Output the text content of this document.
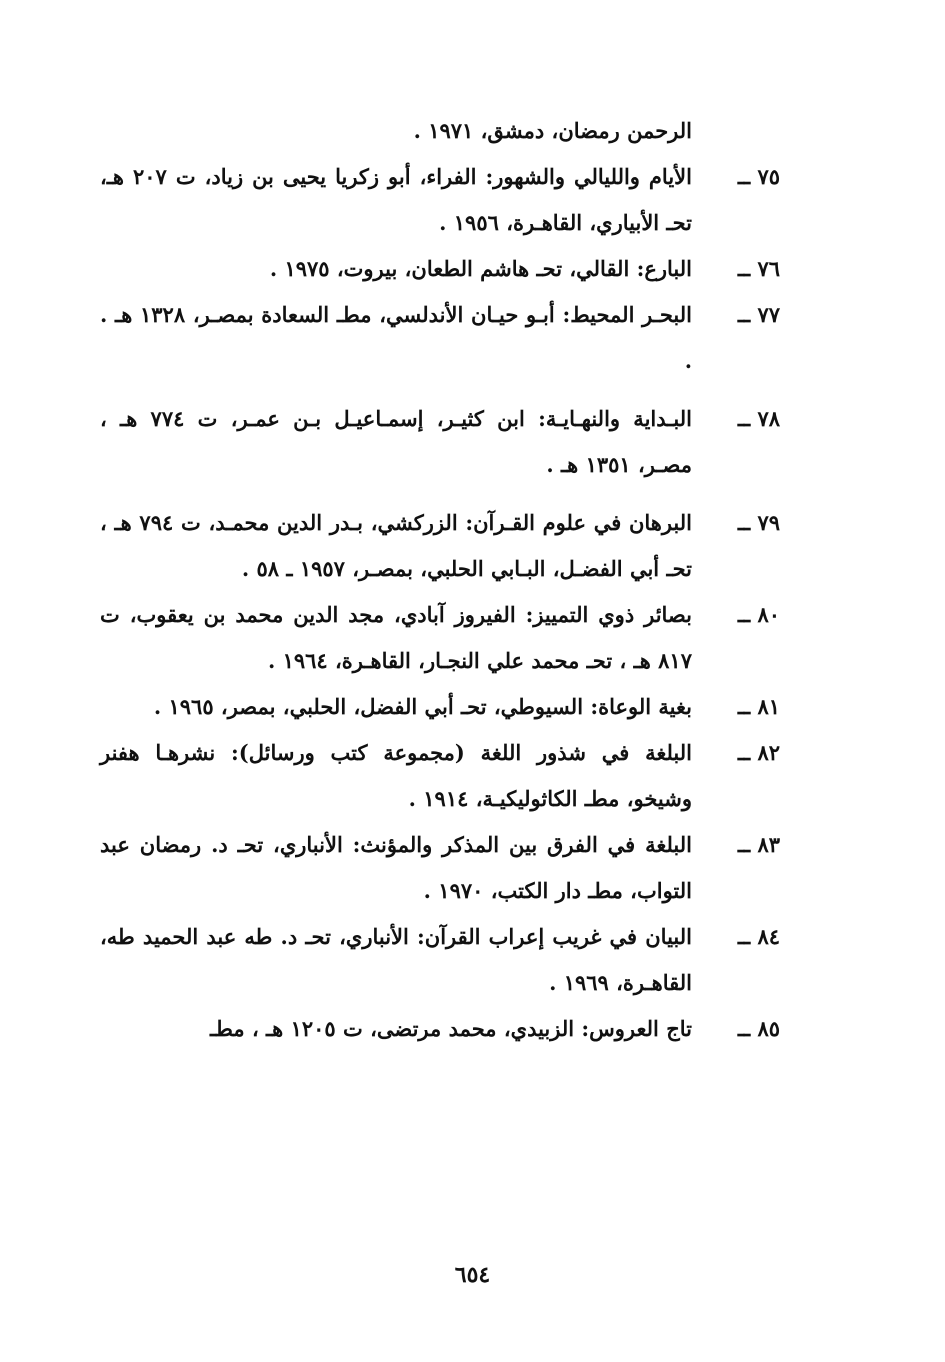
الرحمن رمضان، دمشق، ١٩٧١ .
٧٥ ــ
الأيام والليالي والشهور: الفراء، أبو زكريا يحيى بن زياد، ت ٢٠٧ هـ، تحـ الأبياري، القاهـرة، ١٩٥٦ .
٧٦ ــ
البارع: القالي، تحـ هاشم الطعان، بيروت، ١٩٧٥ .
٧٧ ــ
البحـر المحيط: أبـو حيـان الأندلسي، مطـ السعادة بمصـر، ١٣٢٨ هـ . .
٧٨ ــ
البـداية والنهـايـة: ابن كثيـر، إسمـاعيـل بـن عمـر، ت ٧٧٤ هـ ، مصـر، ١٣٥١ هـ .
٧٩ ــ
البرهان في علوم القـرآن: الزركشي، بـدر الدين محمـد، ت ٧٩٤ هـ ، تحـ أبي الفضـل، البـابي الحلبي، بمصـر، ١٩٥٧ ـ ٥٨ .
٨٠ ــ
بصائر ذوي التمييز: الفيروز آبادي، مجد الدين محمد بن يعقوب، ت ٨١٧ هـ ، تحـ محمد علي النجـار، القاهـرة، ١٩٦٤ .
٨١ ــ
بغية الوعاة: السيوطي، تحـ أبي الفضل، الحلبي، بمصر، ١٩٦٥ .
٨٢ ــ
البلغة في شذور اللغة (مجموعة كتب ورسائل): نشرهـا هفنر وشيخو، مطـ الكاثوليكيـة، ١٩١٤ .
٨٣ ــ
البلغة في الفرق بين المذكر والمؤنث: الأنباري، تحـ د. رمضان عبد التواب، مطـ دار الكتب، ١٩٧٠ .
٨٤ ــ
البيان في غريب إعراب القرآن: الأنباري، تحـ د. طه عبد الحميد طه، القاهـرة، ١٩٦٩ .
٨٥ ــ
تاج العروس: الزبيدي، محمد مرتضى، ت ١٢٠٥ هـ ، مطـ
٦٥٤
